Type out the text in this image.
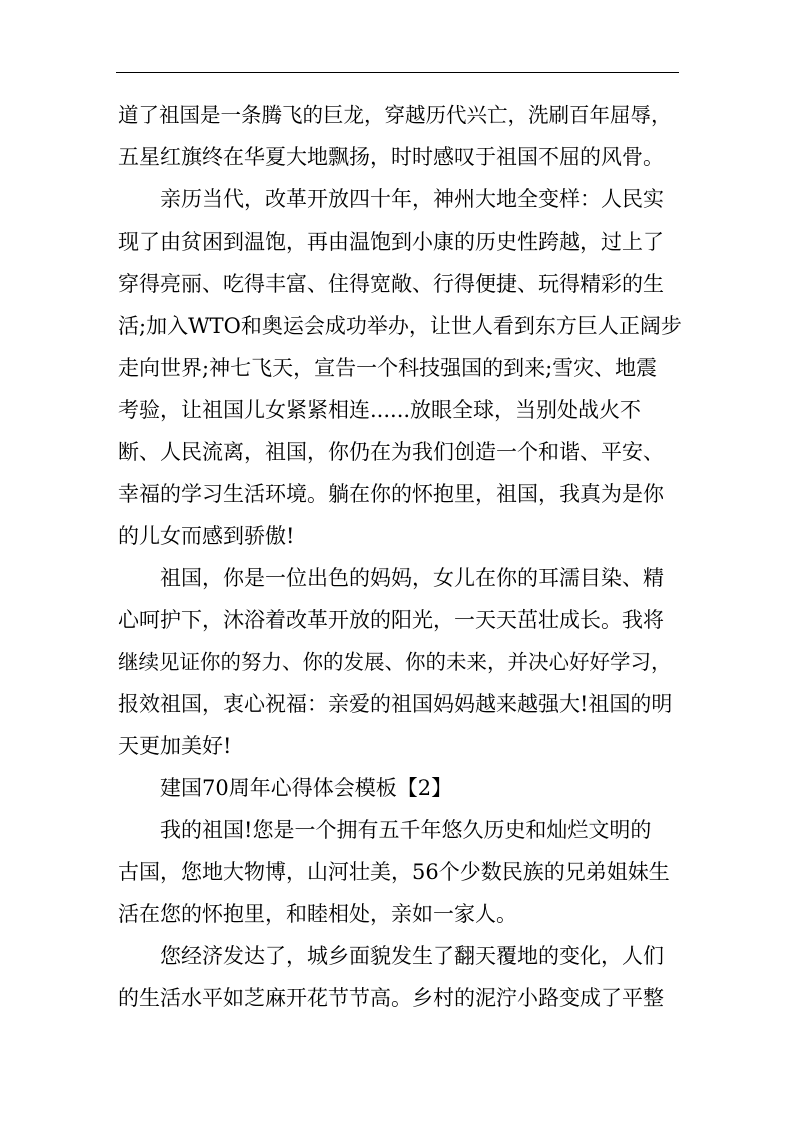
道了祖国是一条腾飞的巨龙，穿越历代兴亡，洗刷百年屈辱，
五星红旗终在华夏大地飘扬，时时感叹于祖国不屈的风骨。
亲历当代，改革开放四十年，神州大地全变样：人民实
现了由贫困到温饱，再由温饱到小康的历史性跨越，过上了
穿得亮丽、吃得丰富、住得宽敞、行得便捷、玩得精彩的生
活;加入WTO和奥运会成功举办，让世人看到东方巨人正阔步
走向世界;神七飞天，宣告一个科技强国的到来;雪灾、地震
考验，让祖国儿女紧紧相连......放眼全球，当别处战火不
断、人民流离，祖国，你仍在为我们创造一个和谐、平安、
幸福的学习生活环境。躺在你的怀抱里，祖国，我真为是你
的儿女而感到骄傲!
祖国，你是一位出色的妈妈，女儿在你的耳濡目染、精
心呵护下，沐浴着改革开放的阳光，一天天茁壮成长。我将
继续见证你的努力、你的发展、你的未来，并决心好好学习，
报效祖国，衷心祝福：亲爱的祖国妈妈越来越强大!祖国的明
天更加美好!
建国70周年心得体会模板【2】
我的祖国!您是一个拥有五千年悠久历史和灿烂文明的
古国，您地大物博，山河壮美，56个少数民族的兄弟姐妹生
活在您的怀抱里，和睦相处，亲如一家人。
您经济发达了，城乡面貌发生了翻天覆地的变化，人们
的生活水平如芝麻开花节节高。乡村的泥泞小路变成了平整
